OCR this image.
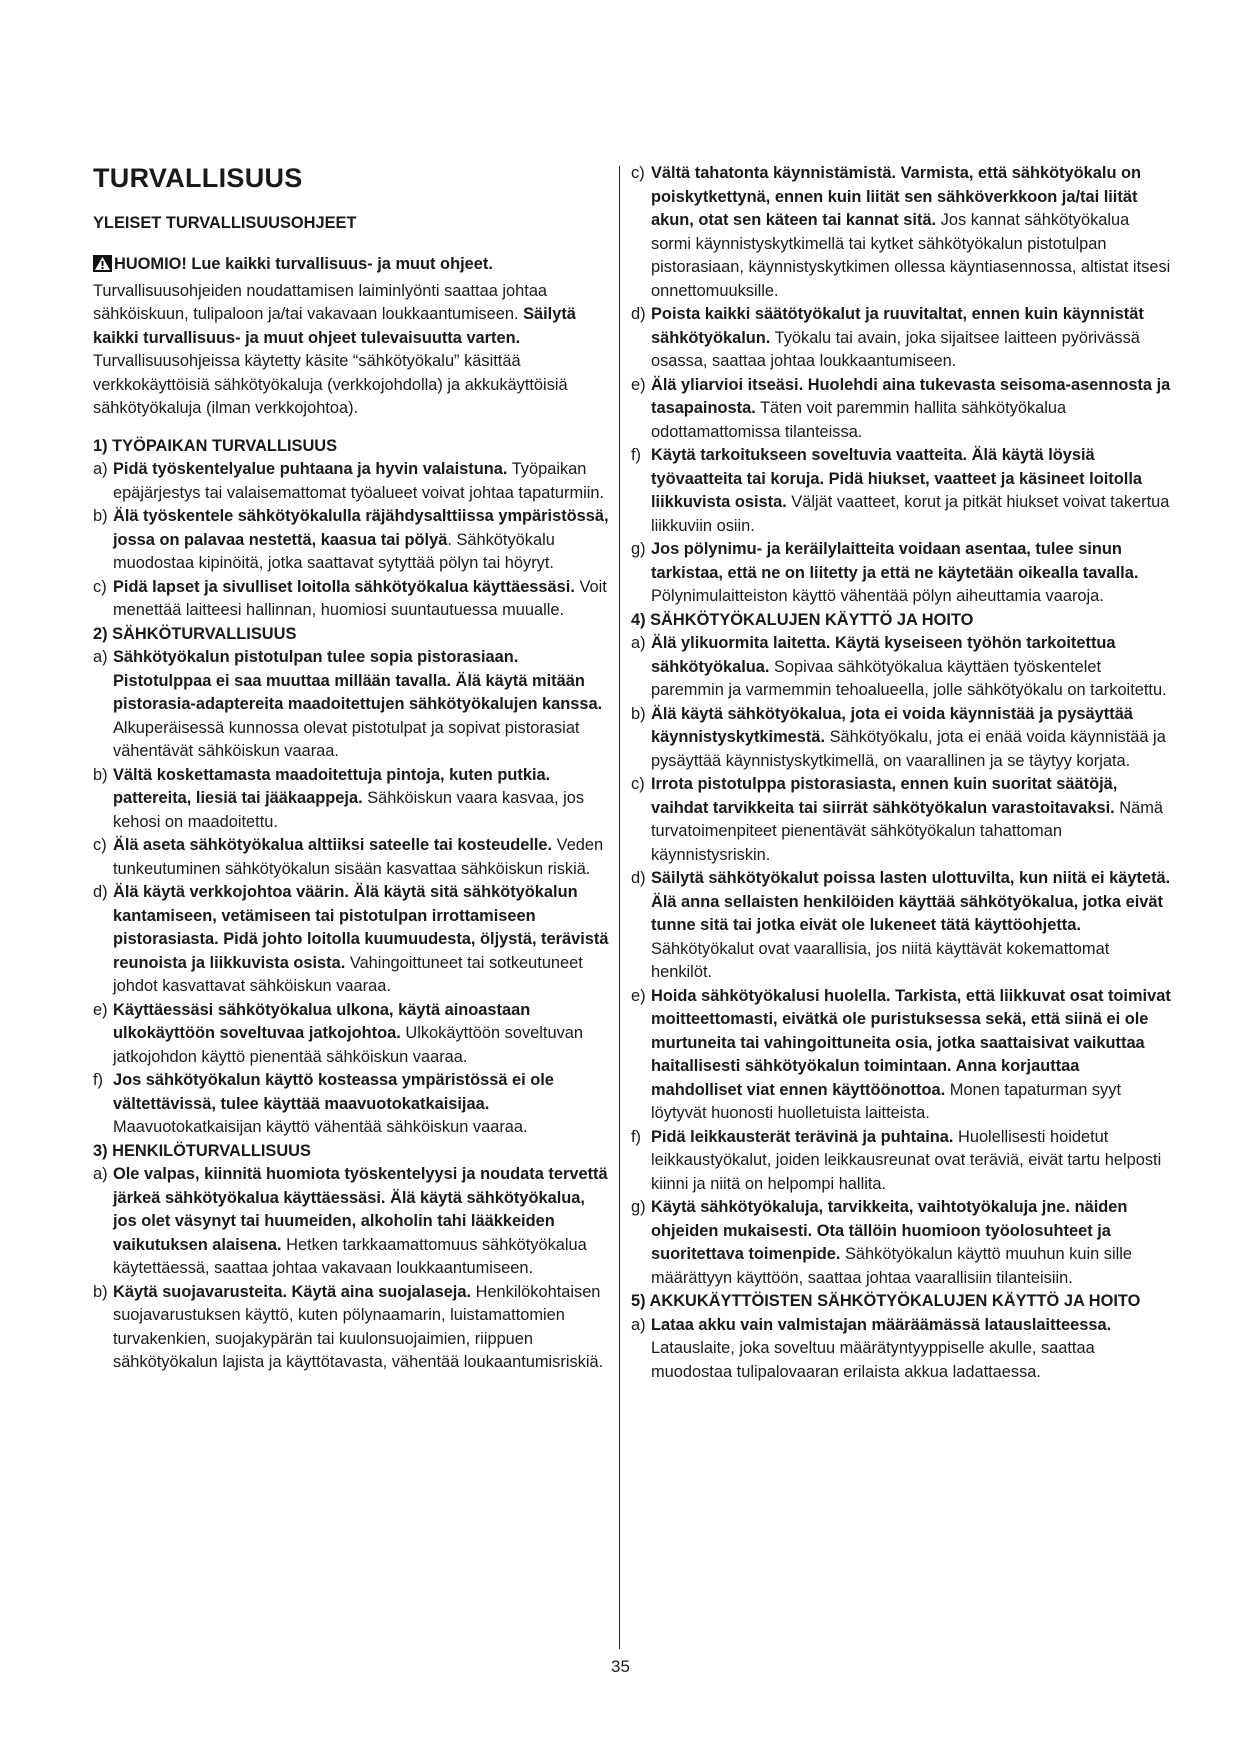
TURVALLISUUS
YLEISET TURVALLISUUSOHJEET

HUOMIO! Lue kaikki turvallisuus- ja muut ohjeet. Turvallisuusohjeiden noudattamisen laiminlyönti saattaa johtaa sähköiskuun, tulipaloon ja/tai vakavaan loukkaantumiseen. Säilytä kaikki turvallisuus- ja muut ohjeet tulevaisuutta varten. Turvallisuusohjeissa käytetty käsite “sähkötyökalu” käsittää verkkokäyttöisiä sähkötyökaluja (verkkojohdolla) ja akkukäyttöisiä sähkötyökaluja (ilman verkkojohtoa).

1) TYÖPAIKAN TURVALLISUUS
a) Pidä työskentelyalue puhtaana ja hyvin valaistuna. Työpaikan epäjärjestys tai valaisemattomat työalueet voivat johtaa tapaturmiin.
b) Älä työskentele sähkötyökalulla räjähdysalttiissa ympäristössä, jossa on palavaa nestettä, kaasua tai pölyä. Sähkötyökalu muodostaa kipinöitä, jotka saattavat sytyttää pölyn tai höyryt.
c) Pidä lapset ja sivulliset loitolla sähkötyökalua käyttäessäsi. Voit menettää laitteesi hallinnan, huomiosi suuntautuessa muualle.
2) SÄHKÖTURVALLISUUS
a) Sähkötyökalun pistotulpan tulee sopia pistorasiaan. Pistotulppaa ei saa muuttaa millään tavalla. Älä käytä mitään pistorasia-adaptereita maadoitettujen sähkötyökalujen kanssa. Alkuperäisessä kunnossa olevat pistotulpat ja sopivat pistorasiat vähentävät sähköiskun vaaraa.
b) Vältä koskettamasta maadoitettuja pintoja, kuten putkia. pattereita, liesiä tai jääkaappeja. Sähköiskun vaara kasvaa, jos kehosi on maadoitettu.
c) Älä aseta sähkötyökalua alttiiksi sateelle tai kosteudelle. Veden tunkeutuminen sähkötyökalun sisään kasvattaa sähköiskun riskiä.
d) Älä käytä verkkojohtoa väärin. Älä käytä sitä sähkötyökalun kantamiseen, vetämiseen tai pistotulpan irrottamiseen pistorasiasta. Pidä johto loitolla kuumuudesta, öljystä, terävistä reunoista ja liikkuvista osista. Vahingoittuneet tai sotkeutuneet johdot kasvattavat sähköiskun vaaraa.
e) Käyttäessäsi sähkötyökalua ulkona, käytä ainoastaan ulkokäyttöön soveltuvaa jatkojohtoa. Ulkokäyttöön soveltuvan jatkojohdon käyttö pienentää sähköiskun vaaraa.
f) Jos sähkötyökalun käyttö kosteassa ympäristössä ei ole vältettävissä, tulee käyttää maavuotokatkaisijaa. Maavuotokatkaisijan käyttö vähentää sähköiskun vaaraa.
3) HENKILÖTURVALLISUUS
a) Ole valpas, kiinnitä huomiota työskentelyysi ja noudata tervettä järkeä sähkötyökalua käyttäessäsi. Älä käytä sähkötyökalua, jos olet väsynyt tai huumeiden, alkoholin tahi lääkkeiden vaikutuksen alaisena. Hetken tarkkaamattomuus sähkötyökalua käytettäessä, saattaa johtaa vakavaan loukkaantumiseen.
b) Käytä suojavarusteita. Käytä aina suojalaseja. Henkilökohtaisen suojavarustuksen käyttö, kuten pölynaamarin, luistamattomien turvakenkien, suojakypärän tai kuulonsuojaimien, riippuen sähkötyökalun lajista ja käyttötavasta, vähentää loukaantumisriskiä.
c) Vältä tahatonta käynnistämistä. Varmista, että sähkötyökalu on poiskytkettynä, ennen kuin liität sen sähköverkkoon ja/tai liität akun, otat sen käteen tai kannat sitä. Jos kannat sähkötyökalua sormi käynnistyskytkimellä tai kytket sähkötyökalun pistotulpan pistorasiaan, käynnistyskytkimen ollessa käyntiasennossa, altistat itsesi onnettomuuksille.
d) Poista kaikki säätötyökalut ja ruuvitaltat, ennen kuin käynnistät sähkötyökalun. Työkalu tai avain, joka sijaitsee laitteen pyörivässä osassa, saattaa johtaa loukkaantumiseen.
e) Älä yliarvioi itseäsi. Huolehdi aina tukevasta seisoma-asennosta ja tasapainosta. Täten voit paremmin hallita sähkötyökalua odottamattomissa tilanteissa.
f) Käytä tarkoitukseen soveltuvia vaatteita. Älä käytä löysiä työvaatteita tai koruja. Pidä hiukset, vaatteet ja käsineet loitolla liikkuvista osista. Väljät vaatteet, korut ja pitkät hiukset voivat takertua liikkuviin osiin.
g) Jos pölynimu- ja keräilylaitteita voidaan asentaa, tulee sinun tarkistaa, että ne on liitetty ja että ne käytetään oikealla tavalla. Pölynimulaitteiston käyttö vähentää pölyn aiheuttamia vaaroja.
4) SÄHKÖTYÖKALUJEN KÄYTTÖ JA HOITO
a) Älä ylikuormita laitetta. Käytä kyseiseen työhön tarkoitettua sähkötyökalua. Sopivaa sähkötyökalua käyttäen työskentelet paremmin ja varmemmin tehoalueella, jolle sähkötyökalu on tarkoitettu.
b) Älä käytä sähkötyökalua, jota ei voida käynnistää ja pysäyttää käynnistyskytkimestä. Sähkötyökalu, jota ei enää voida käynnistää ja pysäyttää käynnistyskytkimellä, on vaarallinen ja se täytyy korjata.
c) Irrota pistotulppa pistorasiasta, ennen kuin suoritat säätöjä, vaihdat tarvikkeita tai siirrät sähkötyökalun varastoitavaksi. Nämä turvatoimenpiteet pienentävät sähkötyökalun tahattoman käynnistysriskin.
d) Säilytä sähkötyökalut poissa lasten ulottuvilta, kun niitä ei käytetä. Älä anna sellaisten henkilöiden käyttää sähkötyökalua, jotka eivät tunne sitä tai jotka eivät ole lukeneet tätä käyttöohjetta. Sähkötyökalut ovat vaarallisia, jos niitä käyttävät kokemattomat henkilöt.
e) Hoida sähkötyökalusi huolella. Tarkista, että liikkuvat osat toimivat moitteettomasti, eivätkä ole puristuksessa sekä, että siinä ei ole murtuneita tai vahingoittuneita osia, jotka saattaisivat vaikuttaa haitallisesti sähkötyökalun toimintaan. Anna korjauttaa mahdolliset viat ennen käyttöönottoa. Monen tapaturman syyt löytyvät huonosti huolletuista laitteista.
f) Pidä leikkausterät terävinä ja puhtaina. Huolellisesti hoidetut leikkaustyökalut, joiden leikkausreunat ovat teräviä, eivät tartu helposti kiinni ja niitä on helpompi hallita.
g) Käytä sähkötyökaluja, tarvikkeita, vaihtotyökaluja jne. näiden ohjeiden mukaisesti. Ota tällöin huomioon työolosuhteet ja suoritettava toimenpide. Sähkötyökalun käyttö muuhun kuin sille määrättyyn käyttöön, saattaa johtaa vaarallisiin tilanteisiin.
5) AKKUKÄYTTÖISTEN SÄHKÖTYÖKALUJEN KÄYTTÖ JA HOITO
a) Lataa akku vain valmistajan määräämässä latauslaitteessa. Latauslaite, joka soveltuu määrätyntyyppiselle akulle, saattaa muodostaa tulipalovaaran erilaista akkua ladattaessa.
35
